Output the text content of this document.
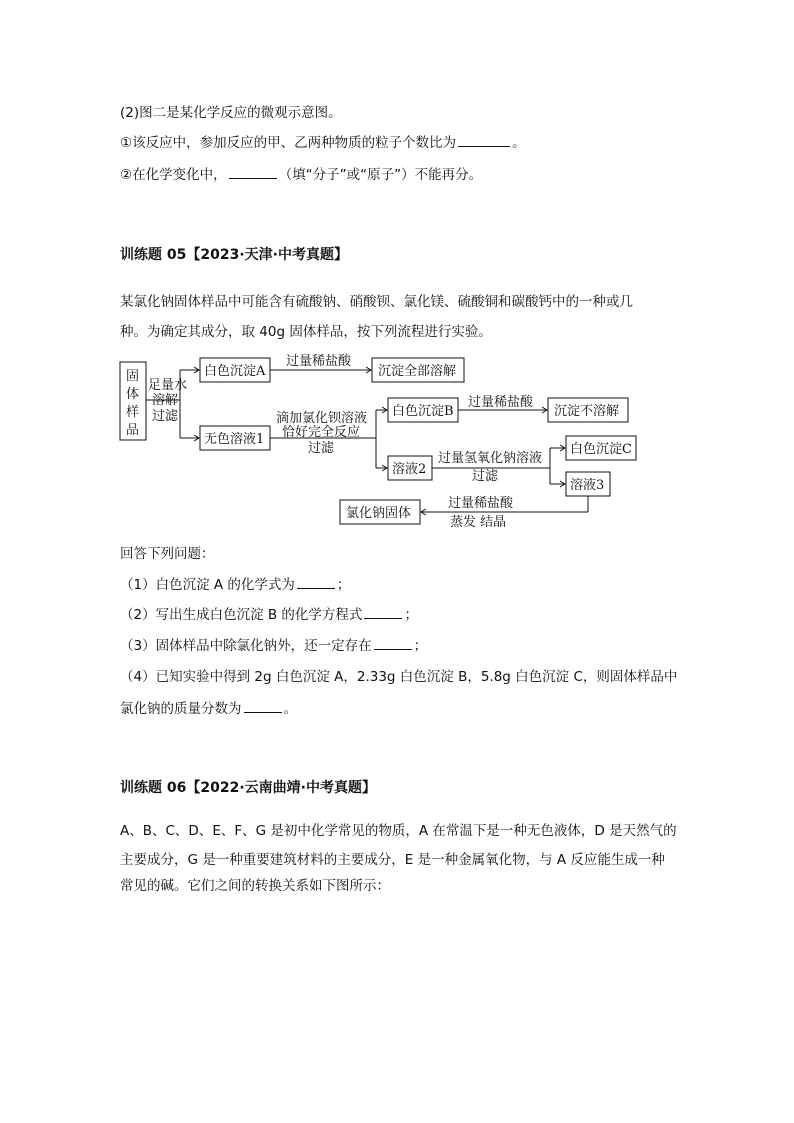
(2)图二是某化学反应的微观示意图。
①该反应中，参加反应的甲、乙两种物质的粒子个数比为	。
②在化学变化中，	（填“分子”或“原子”）不能再分。
训练题 05【2023·天津·中考真题】
某氯化钠固体样品中可能含有硫酸钠、硝酸钡、氯化镁、硫酸铜和碳酸钙中的一种或几
种。为确定其成分，取 40g 固体样品，按下列流程进行实验。
固
体
样
品
足量水
溶解
过滤
白色沉淀A
过量稀盐酸
沉淀全部溶解
无色溶液1
滴加氯化钡溶液
恰好完全反应
过滤
白色沉淀B
过量稀盐酸
沉淀不溶解
溶液2
过量氢氧化钠溶液
过滤
白色沉淀C
溶液3
过量稀盐酸
蒸发 结晶
氯化钠固体
回答下列问题：
（1）白色沉淀 A 的化学式为	；
（2）写出生成白色沉淀 B 的化学方程式	；
（3）固体样品中除氯化钠外，还一定存在	；
（4）已知实验中得到 2g 白色沉淀 A，2.33g 白色沉淀 B，5.8g 白色沉淀 C，则固体样品中
氯化钠的质量分数为	。
训练题 06【2022·云南曲靖·中考真题】
A、B、C、D、E、F、G 是初中化学常见的物质，A 在常温下是一种无色液体，D 是天然气的
主要成分，G 是一种重要建筑材料的主要成分，E 是一种金属氧化物，与 A 反应能生成一种
常见的碱。它们之间的转换关系如下图所示：
